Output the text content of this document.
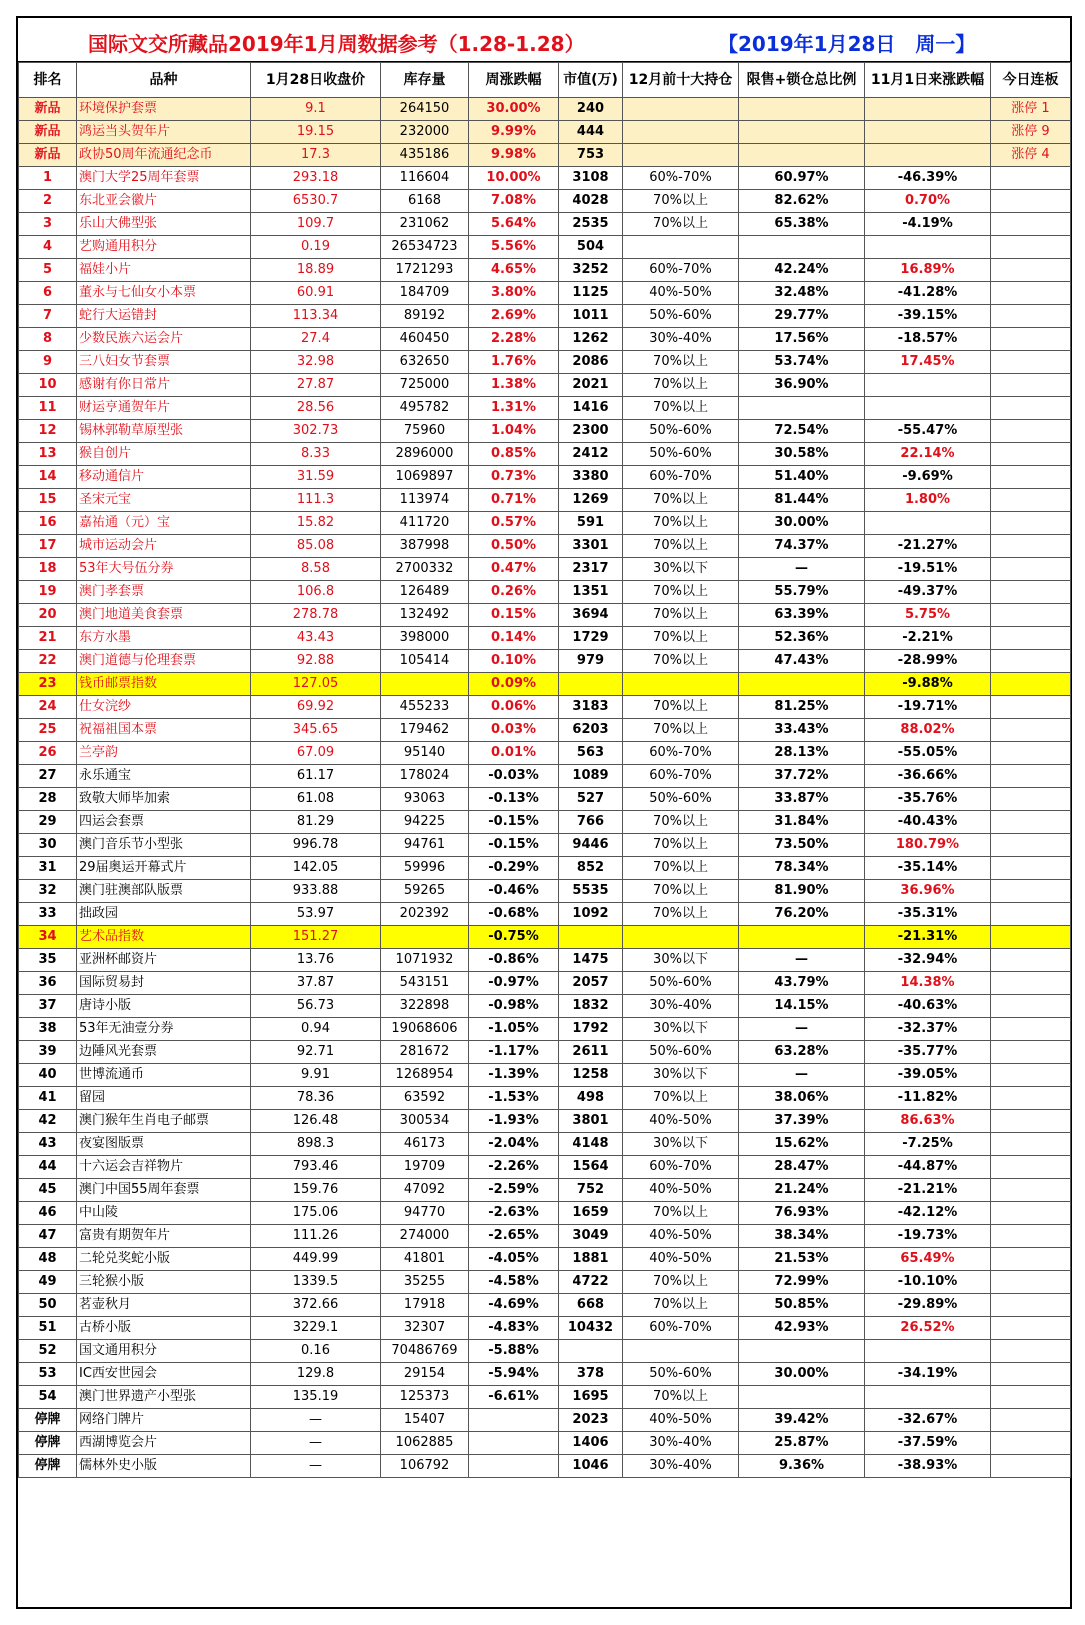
国际文交所藏品2019年1月周数据参考（1.28-1.28）	【2019年1月28日　周一】
排名	品种	1月28日收盘价	库存量	周涨跌幅	市值(万)	12月前十大持仓	限售+锁仓总比例	11月1日来涨跌幅	今日连板
新品	环境保护套票	9.1	264150	30.00%	240				涨停 1
新品	鸿运当头贺年片	19.15	232000	9.99%	444				涨停 9
新品	政协50周年流通纪念币	17.3	435186	9.98%	753				涨停 4
1	澳门大学25周年套票	293.18	116604	10.00%	3108	60%-70%	60.97%	-46.39%	
2	东北亚会徽片	6530.7	6168	7.08%	4028	70%以上	82.62%	0.70%	
3	乐山大佛型张	109.7	231062	5.64%	2535	70%以上	65.38%	-4.19%	
4	艺购通用积分	0.19	26534723	5.56%	504				
5	福娃小片	18.89	1721293	4.65%	3252	60%-70%	42.24%	16.89%	
6	董永与七仙女小本票	60.91	184709	3.80%	1125	40%-50%	32.48%	-41.28%	
7	蛇行大运错封	113.34	89192	2.69%	1011	50%-60%	29.77%	-39.15%	
8	少数民族六运会片	27.4	460450	2.28%	1262	30%-40%	17.56%	-18.57%	
9	三八妇女节套票	32.98	632650	1.76%	2086	70%以上	53.74%	17.45%	
10	感谢有你日常片	27.87	725000	1.38%	2021	70%以上	36.90%		
11	财运亨通贺年片	28.56	495782	1.31%	1416	70%以上			
12	锡林郭勒草原型张	302.73	75960	1.04%	2300	50%-60%	72.54%	-55.47%	
13	猴自创片	8.33	2896000	0.85%	2412	50%-60%	30.58%	22.14%	
14	移动通信片	31.59	1069897	0.73%	3380	60%-70%	51.40%	-9.69%	
15	圣宋元宝	111.3	113974	0.71%	1269	70%以上	81.44%	1.80%	
16	嘉祐通（元）宝	15.82	411720	0.57%	591	70%以上	30.00%		
17	城市运动会片	85.08	387998	0.50%	3301	70%以上	74.37%	-21.27%	
18	53年大号伍分券	8.58	2700332	0.47%	2317	30%以下	—	-19.51%	
19	澳门孝套票	106.8	126489	0.26%	1351	70%以上	55.79%	-49.37%	
20	澳门地道美食套票	278.78	132492	0.15%	3694	70%以上	63.39%	5.75%	
21	东方水墨	43.43	398000	0.14%	1729	70%以上	52.36%	-2.21%	
22	澳门道德与伦理套票	92.88	105414	0.10%	979	70%以上	47.43%	-28.99%	
23	钱币邮票指数	127.05		0.09%				-9.88%	
24	仕女浣纱	69.92	455233	0.06%	3183	70%以上	81.25%	-19.71%	
25	祝福祖国本票	345.65	179462	0.03%	6203	70%以上	33.43%	88.02%	
26	兰亭韵	67.09	95140	0.01%	563	60%-70%	28.13%	-55.05%	
27	永乐通宝	61.17	178024	-0.03%	1089	60%-70%	37.72%	-36.66%	
28	致敬大师毕加索	61.08	93063	-0.13%	527	50%-60%	33.87%	-35.76%	
29	四运会套票	81.29	94225	-0.15%	766	70%以上	31.84%	-40.43%	
30	澳门音乐节小型张	996.78	94761	-0.15%	9446	70%以上	73.50%	180.79%	
31	29届奥运开幕式片	142.05	59996	-0.29%	852	70%以上	78.34%	-35.14%	
32	澳门驻澳部队版票	933.88	59265	-0.46%	5535	70%以上	81.90%	36.96%	
33	拙政园	53.97	202392	-0.68%	1092	70%以上	76.20%	-35.31%	
34	艺术品指数	151.27		-0.75%				-21.31%	
35	亚洲杯邮资片	13.76	1071932	-0.86%	1475	30%以下	—	-32.94%	
36	国际贸易封	37.87	543151	-0.97%	2057	50%-60%	43.79%	14.38%	
37	唐诗小版	56.73	322898	-0.98%	1832	30%-40%	14.15%	-40.63%	
38	53年无油壹分券	0.94	19068606	-1.05%	1792	30%以下	—	-32.37%	
39	边陲风光套票	92.71	281672	-1.17%	2611	50%-60%	63.28%	-35.77%	
40	世博流通币	9.91	1268954	-1.39%	1258	30%以下	—	-39.05%	
41	留园	78.36	63592	-1.53%	498	70%以上	38.06%	-11.82%	
42	澳门猴年生肖电子邮票	126.48	300534	-1.93%	3801	40%-50%	37.39%	86.63%	
43	夜宴图版票	898.3	46173	-2.04%	4148	30%以下	15.62%	-7.25%	
44	十六运会吉祥物片	793.46	19709	-2.26%	1564	60%-70%	28.47%	-44.87%	
45	澳门中国55周年套票	159.76	47092	-2.59%	752	40%-50%	21.24%	-21.21%	
46	中山陵	175.06	94770	-2.63%	1659	70%以上	76.93%	-42.12%	
47	富贵有期贺年片	111.26	274000	-2.65%	3049	40%-50%	38.34%	-19.73%	
48	二轮兑奖蛇小版	449.99	41801	-4.05%	1881	40%-50%	21.53%	65.49%	
49	三轮猴小版	1339.5	35255	-4.58%	4722	70%以上	72.99%	-10.10%	
50	茗壶秋月	372.66	17918	-4.69%	668	70%以上	50.85%	-29.89%	
51	古桥小版	3229.1	32307	-4.83%	10432	60%-70%	42.93%	26.52%	
52	国文通用积分	0.16	70486769	-5.88%					
53	IC西安世园会	129.8	29154	-5.94%	378	50%-60%	30.00%	-34.19%	
54	澳门世界遗产小型张	135.19	125373	-6.61%	1695	70%以上			
停牌	网络门牌片	—	15407		2023	40%-50%	39.42%	-32.67%	
停牌	西湖博览会片	—	1062885		1406	30%-40%	25.87%	-37.59%	
停牌	儒林外史小版	—	106792		1046	30%-40%	9.36%	-38.93%	
